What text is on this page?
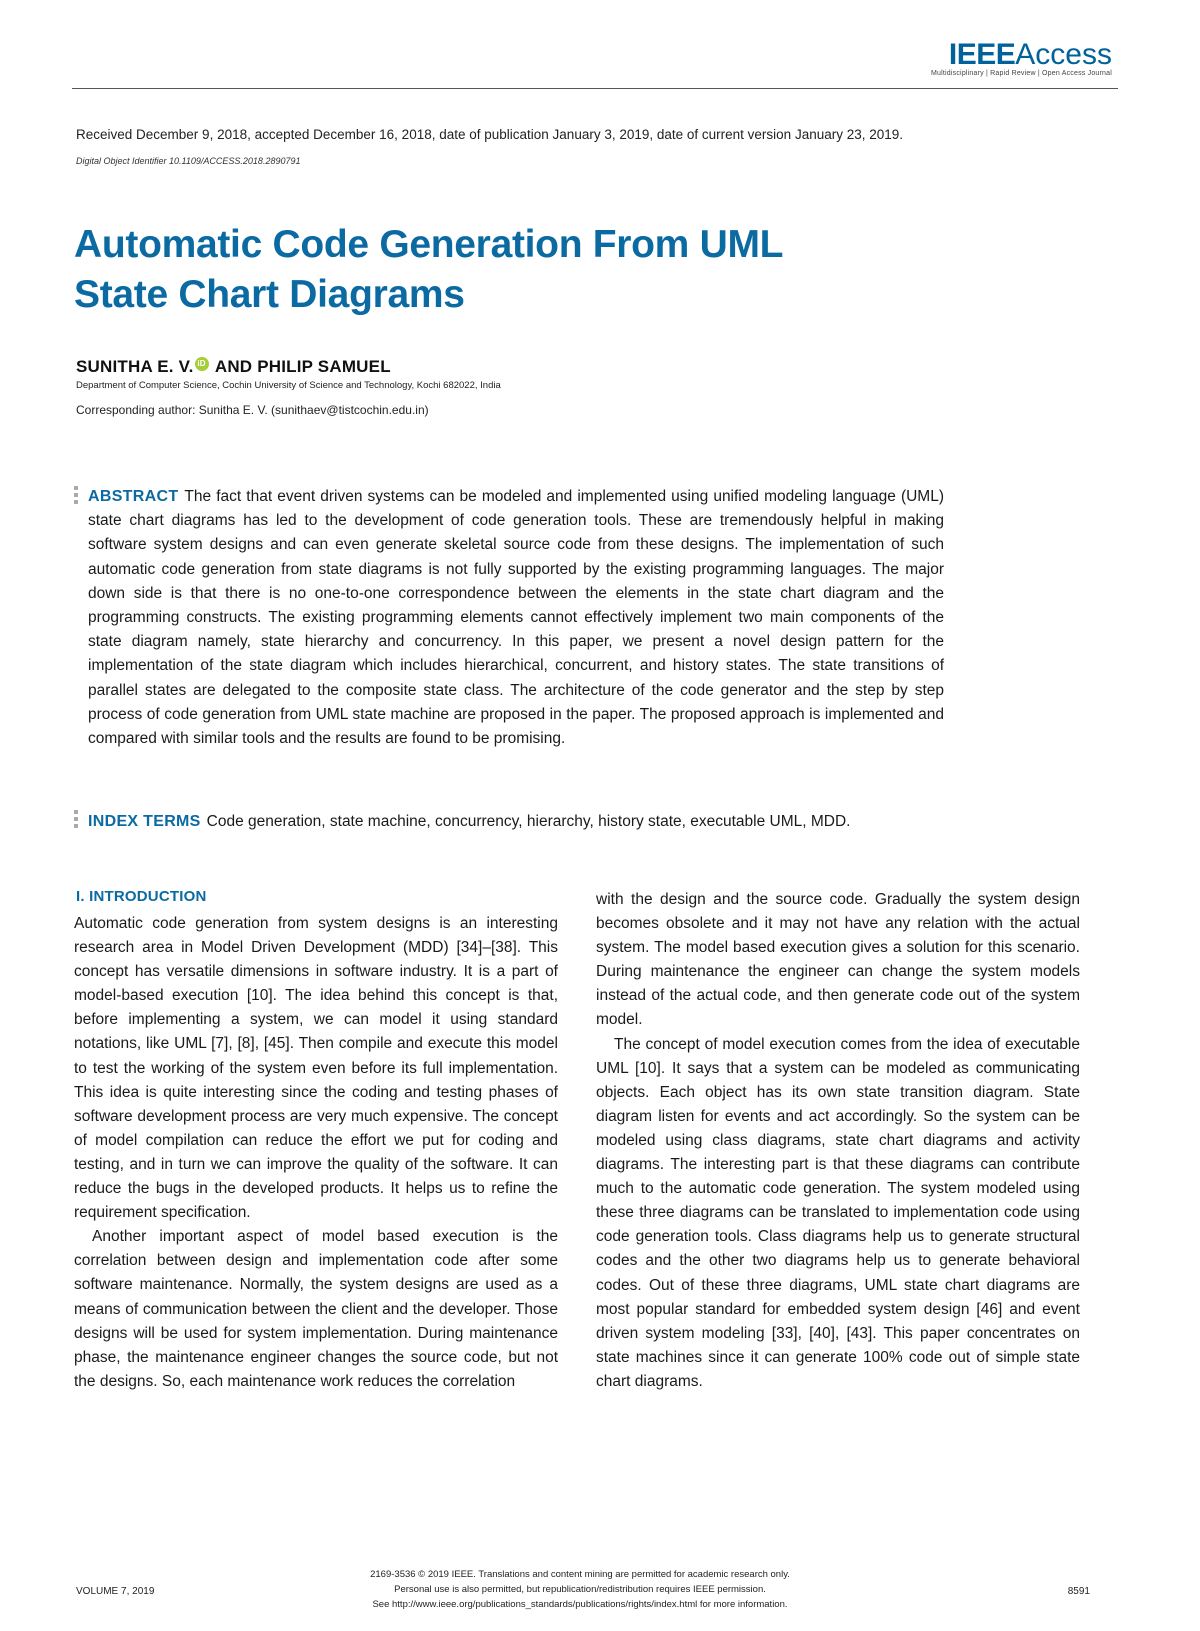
IEEEAccess
Multidisciplinary | Rapid Review | Open Access Journal
Received December 9, 2018, accepted December 16, 2018, date of publication January 3, 2019, date of current version January 23, 2019.
Digital Object Identifier 10.1109/ACCESS.2018.2890791
Automatic Code Generation From UML State Chart Diagrams
SUNITHA E. V. iD AND PHILIP SAMUEL
Department of Computer Science, Cochin University of Science and Technology, Kochi 682022, India
Corresponding author: Sunitha E. V. (sunithaev@tistcochin.edu.in)
ABSTRACT The fact that event driven systems can be modeled and implemented using unified modeling language (UML) state chart diagrams has led to the development of code generation tools. These are tremendously helpful in making software system designs and can even generate skeletal source code from these designs. The implementation of such automatic code generation from state diagrams is not fully supported by the existing programming languages. The major down side is that there is no one-to-one correspondence between the elements in the state chart diagram and the programming constructs. The existing programming elements cannot effectively implement two main components of the state diagram namely, state hierarchy and concurrency. In this paper, we present a novel design pattern for the implementation of the state diagram which includes hierarchical, concurrent, and history states. The state transitions of parallel states are delegated to the composite state class. The architecture of the code generator and the step by step process of code generation from UML state machine are proposed in the paper. The proposed approach is implemented and compared with similar tools and the results are found to be promising.
INDEX TERMS Code generation, state machine, concurrency, hierarchy, history state, executable UML, MDD.
I. INTRODUCTION

Automatic code generation from system designs is an interesting research area in Model Driven Development (MDD) [34]–[38]. This concept has versatile dimensions in software industry. It is a part of model-based execution [10]. The idea behind this concept is that, before implementing a system, we can model it using standard notations, like UML [7], [8], [45]. Then compile and execute this model to test the working of the system even before its full implementation. This idea is quite interesting since the coding and testing phases of software development process are very much expensive. The concept of model compilation can reduce the effort we put for coding and testing, and in turn we can improve the quality of the software. It can reduce the bugs in the developed products. It helps us to refine the requirement specification.

Another important aspect of model based execution is the correlation between design and implementation code after some software maintenance. Normally, the system designs are used as a means of communication between the client and the developer. Those designs will be used for system implementation. During maintenance phase, the maintenance engineer changes the source code, but not the designs. So, each maintenance work reduces the correlation

with the design and the source code. Gradually the system design becomes obsolete and it may not have any relation with the actual system. The model based execution gives a solution for this scenario. During maintenance the engineer can change the system models instead of the actual code, and then generate code out of the system model.

The concept of model execution comes from the idea of executable UML [10]. It says that a system can be modeled as communicating objects. Each object has its own state transition diagram. State diagram listen for events and act accordingly. So the system can be modeled using class diagrams, state chart diagrams and activity diagrams. The interesting part is that these diagrams can contribute much to the automatic code generation. The system modeled using these three diagrams can be translated to implementation code using code generation tools. Class diagrams help us to generate structural codes and the other two diagrams help us to generate behavioral codes. Out of these three diagrams, UML state chart diagrams are most popular standard for embedded system design [46] and event driven system modeling [33], [40], [43]. This paper concentrates on state machines since it can generate 100% code out of simple state chart diagrams.

VOLUME 7, 2019
2169-3536 © 2019 IEEE. Translations and content mining are permitted for academic research only.
Personal use is also permitted, but republication/redistribution requires IEEE permission.
See http://www.ieee.org/publications_standards/publications/rights/index.html for more information.
8591
